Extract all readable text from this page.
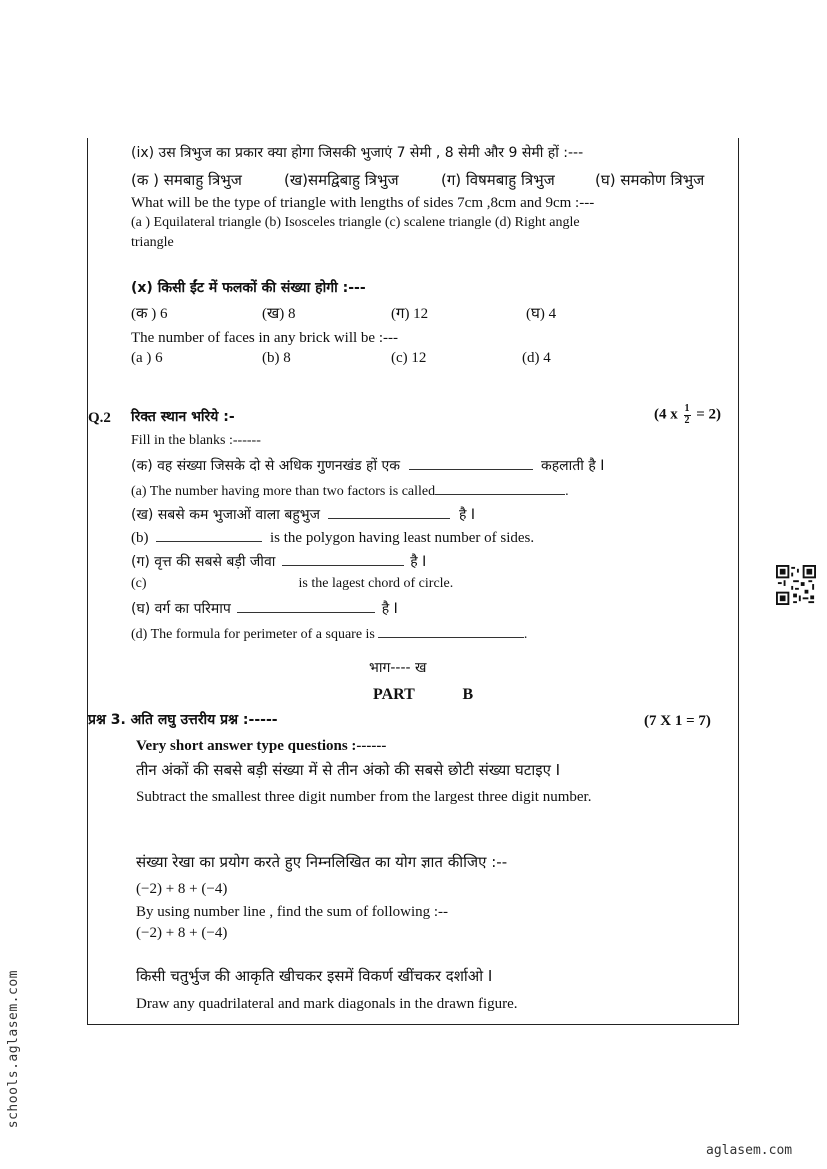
(ix) उस त्रिभुज का प्रकार क्या होगा जिसकी भुजाएं 7 सेमी , 8 सेमी और 9 सेमी हों :---
(क ) समबाहु त्रिभुज	(ख)समद्विबाहु त्रिभुज	(ग) विषमबाहु त्रिभुज	(घ) समकोण त्रिभुज
What will be the type of triangle with lengths of sides 7cm ,8cm and 9cm :---
(a ) Equilateral triangle (b) Isosceles triangle (c) scalene triangle (d) Right angle
triangle
(x) किसी ईंट में फलकों की संख्या होगी :---
(क ) 6	(ख) 8	(ग) 12	(घ) 4
The number of faces in any brick will be :---
(a ) 6	(b) 8	(c) 12	(d) 4
Q.2 रिक्त स्थान भरिये :-	(4 x $\frac{1}{2} = 2$)
Fill in the blanks :------
(क) वह संख्या जिसके दो से अधिक गुणनखंड हों एक	कहलाती है I
(a) The number having more than two factors is called	.
(ख) सबसे कम भुजाओं वाला बहुभुज	है I
(b)	is the polygon having least number of sides.
(ग) वृत्त की सबसे बड़ी जीवा	है I
(c)	is the lagest chord of circle.
(घ) वर्ग का परिमाप	है I
(d) The formula for perimeter of a square is	.
भाग---- ख
PART	B
प्रश्न 3. अति लघु उत्तरीय प्रश्न :-----	(7 X 1 = 7)
Very short answer type questions :------
तीन अंकों की सबसे बड़ी संख्या में से तीन अंको की सबसे छोटी संख्या घटाइए I
Subtract the smallest three digit number from the largest three digit number.
संख्या रेखा का प्रयोग करते हुए निम्नलिखित का योग ज्ञात कीजिए :--
(−2) + 8 + (−4)
By using number line , find the sum of following :--
(−2) + 8 + (−4)
किसी चतुर्भुज की आकृति खीचकर इसमें विकर्ण खींचकर दर्शाओ I
Draw any quadrilateral and mark diagonals in the drawn figure.
schools.aglasem.com
aglasem.com
